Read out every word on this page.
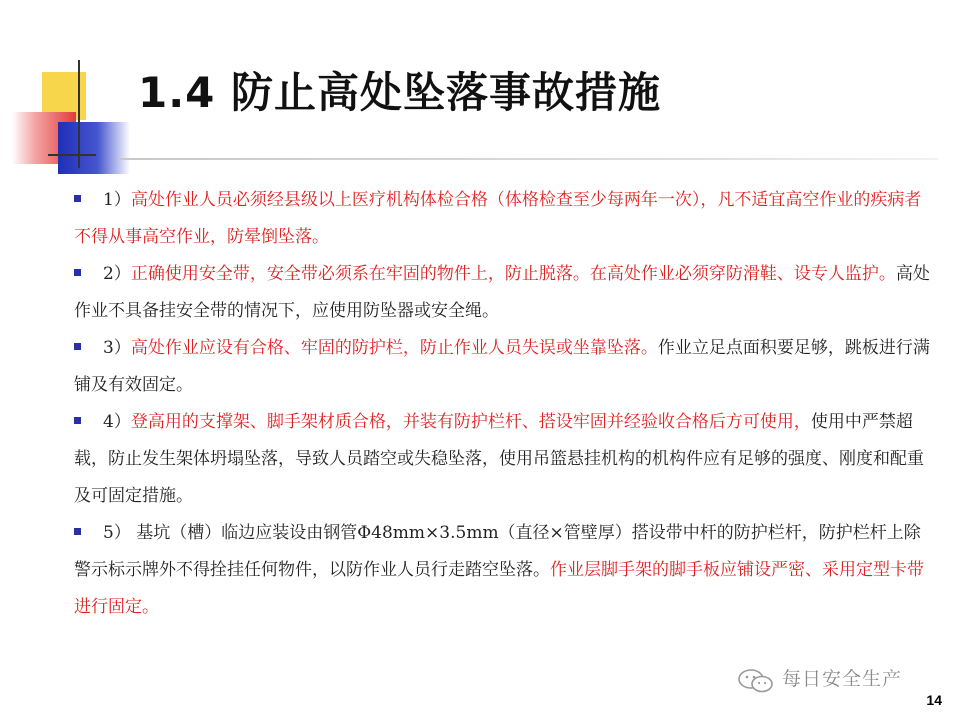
1.4 防止高处坠落事故措施
1）高处作业人员必须经县级以上医疗机构体检合格（体格检查至少每两年一次），凡不适宜高空作业的疾病者不得从事高空作业，防晕倒坠落。
2）正确使用安全带，安全带必须系在牢固的物件上，防止脱落。在高处作业必须穿防滑鞋、设专人监护。高处作业不具备挂安全带的情况下，应使用防坠器或安全绳。
3）高处作业应设有合格、牢固的防护栏，防止作业人员失误或坐靠坠落。作业立足点面积要足够，跳板进行满铺及有效固定。
4）登高用的支撑架、脚手架材质合格，并装有防护栏杆、搭设牢固并经验收合格后方可使用，使用中严禁超载，防止发生架体坍塌坠落，导致人员踏空或失稳坠落，使用吊篮悬挂机构的机构件应有足够的强度、刚度和配重及可固定措施。
5） 基坑（槽）临边应装设由钢管Φ48mm×3.5mm（直径×管壁厚）搭设带中杆的防护栏杆，防护栏杆上除警示标示牌外不得拴挂任何物件，以防作业人员行走踏空坠落。作业层脚手架的脚手板应铺设严密、采用定型卡带进行固定。
每日安全生产
14
